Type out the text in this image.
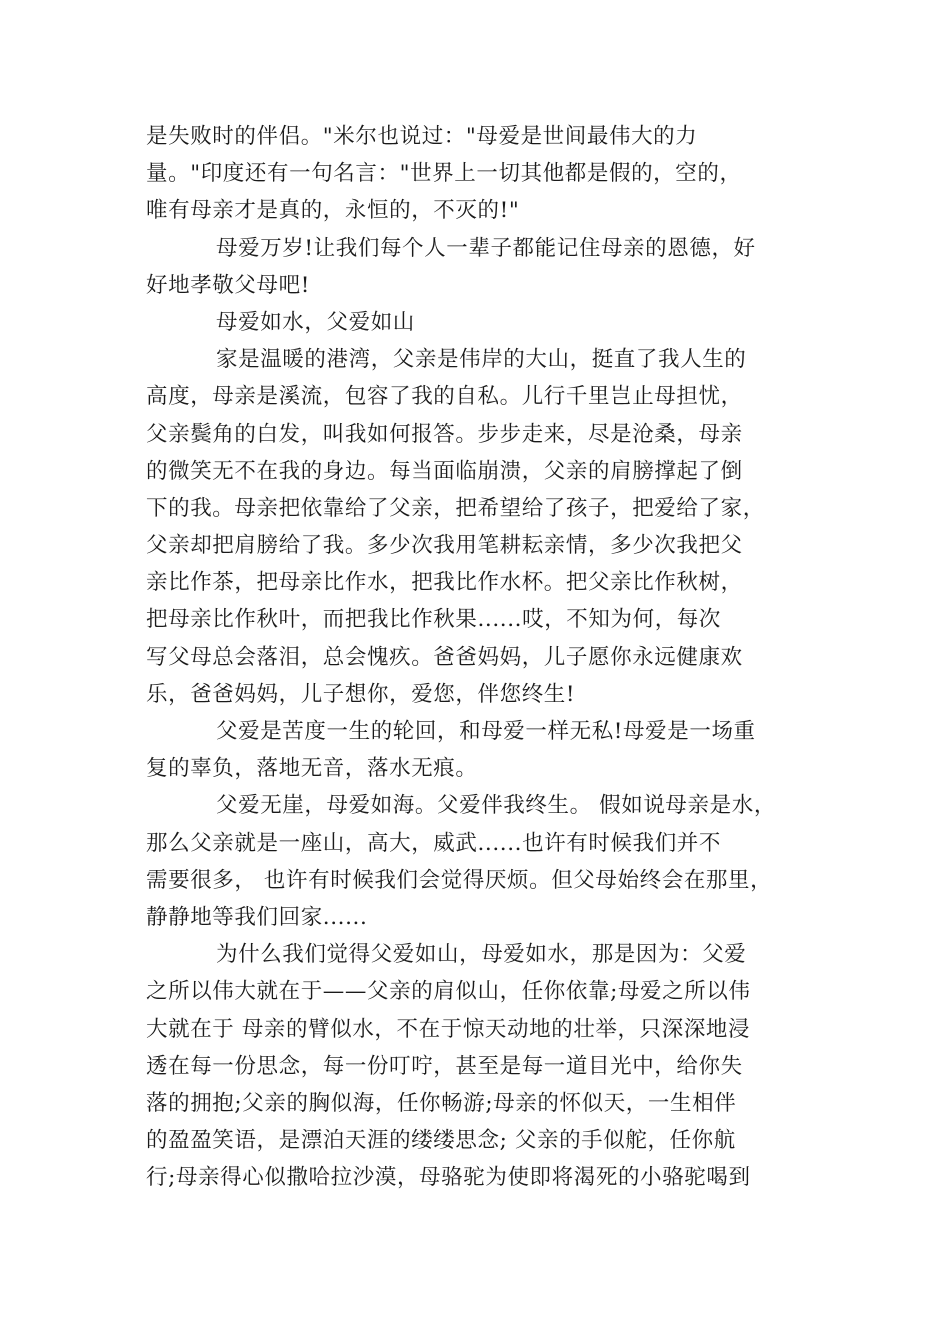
是失败时的伴侣。"米尔也说过："母爱是世间最伟大的力
量。"印度还有一句名言："世界上一切其他都是假的，空的，
唯有母亲才是真的，永恒的，不灭的!"
母爱万岁!让我们每个人一辈子都能记住母亲的恩德，好
好地孝敬父母吧!
母爱如水，父爱如山
家是温暖的港湾，父亲是伟岸的大山，挺直了我人生的
高度，母亲是溪流，包容了我的自私。儿行千里岂止母担忧，
父亲鬓角的白发，叫我如何报答。步步走来，尽是沧桑，母亲
的微笑无不在我的身边。每当面临崩溃，父亲的肩膀撑起了倒
下的我。母亲把依靠给了父亲，把希望给了孩子，把爱给了家，
父亲却把肩膀给了我。多少次我用笔耕耘亲情，多少次我把父
亲比作茶，把母亲比作水，把我比作水杯。把父亲比作秋树，
把母亲比作秋叶，而把我比作秋果......哎，不知为何，每次
写父母总会落泪，总会愧疚。爸爸妈妈，儿子愿你永远健康欢
乐，爸爸妈妈，儿子想你，爱您，伴您终生!
父爱是苦度一生的轮回，和母爱一样无私!母爱是一场重
复的辜负，落地无音，落水无痕。
父爱无崖，母爱如海。父爱伴我终生。 假如说母亲是水，
那么父亲就是一座山，高大，威武......也许有时候我们并不
需要很多， 也许有时候我们会觉得厌烦。但父母始终会在那里，
静静地等我们回家......
为什么我们觉得父爱如山，母爱如水，那是因为：父爱
之所以伟大就在于——父亲的肩似山，任你依靠;母爱之所以伟
大就在于 母亲的臂似水，不在于惊天动地的壮举，只深深地浸
透在每一份思念，每一份叮咛，甚至是每一道目光中，给你失
落的拥抱;父亲的胸似海，任你畅游;母亲的怀似天，一生相伴
的盈盈笑语，是漂泊天涯的缕缕思念; 父亲的手似舵，任你航
行;母亲得心似撒哈拉沙漠，母骆驼为使即将渴死的小骆驼喝到
